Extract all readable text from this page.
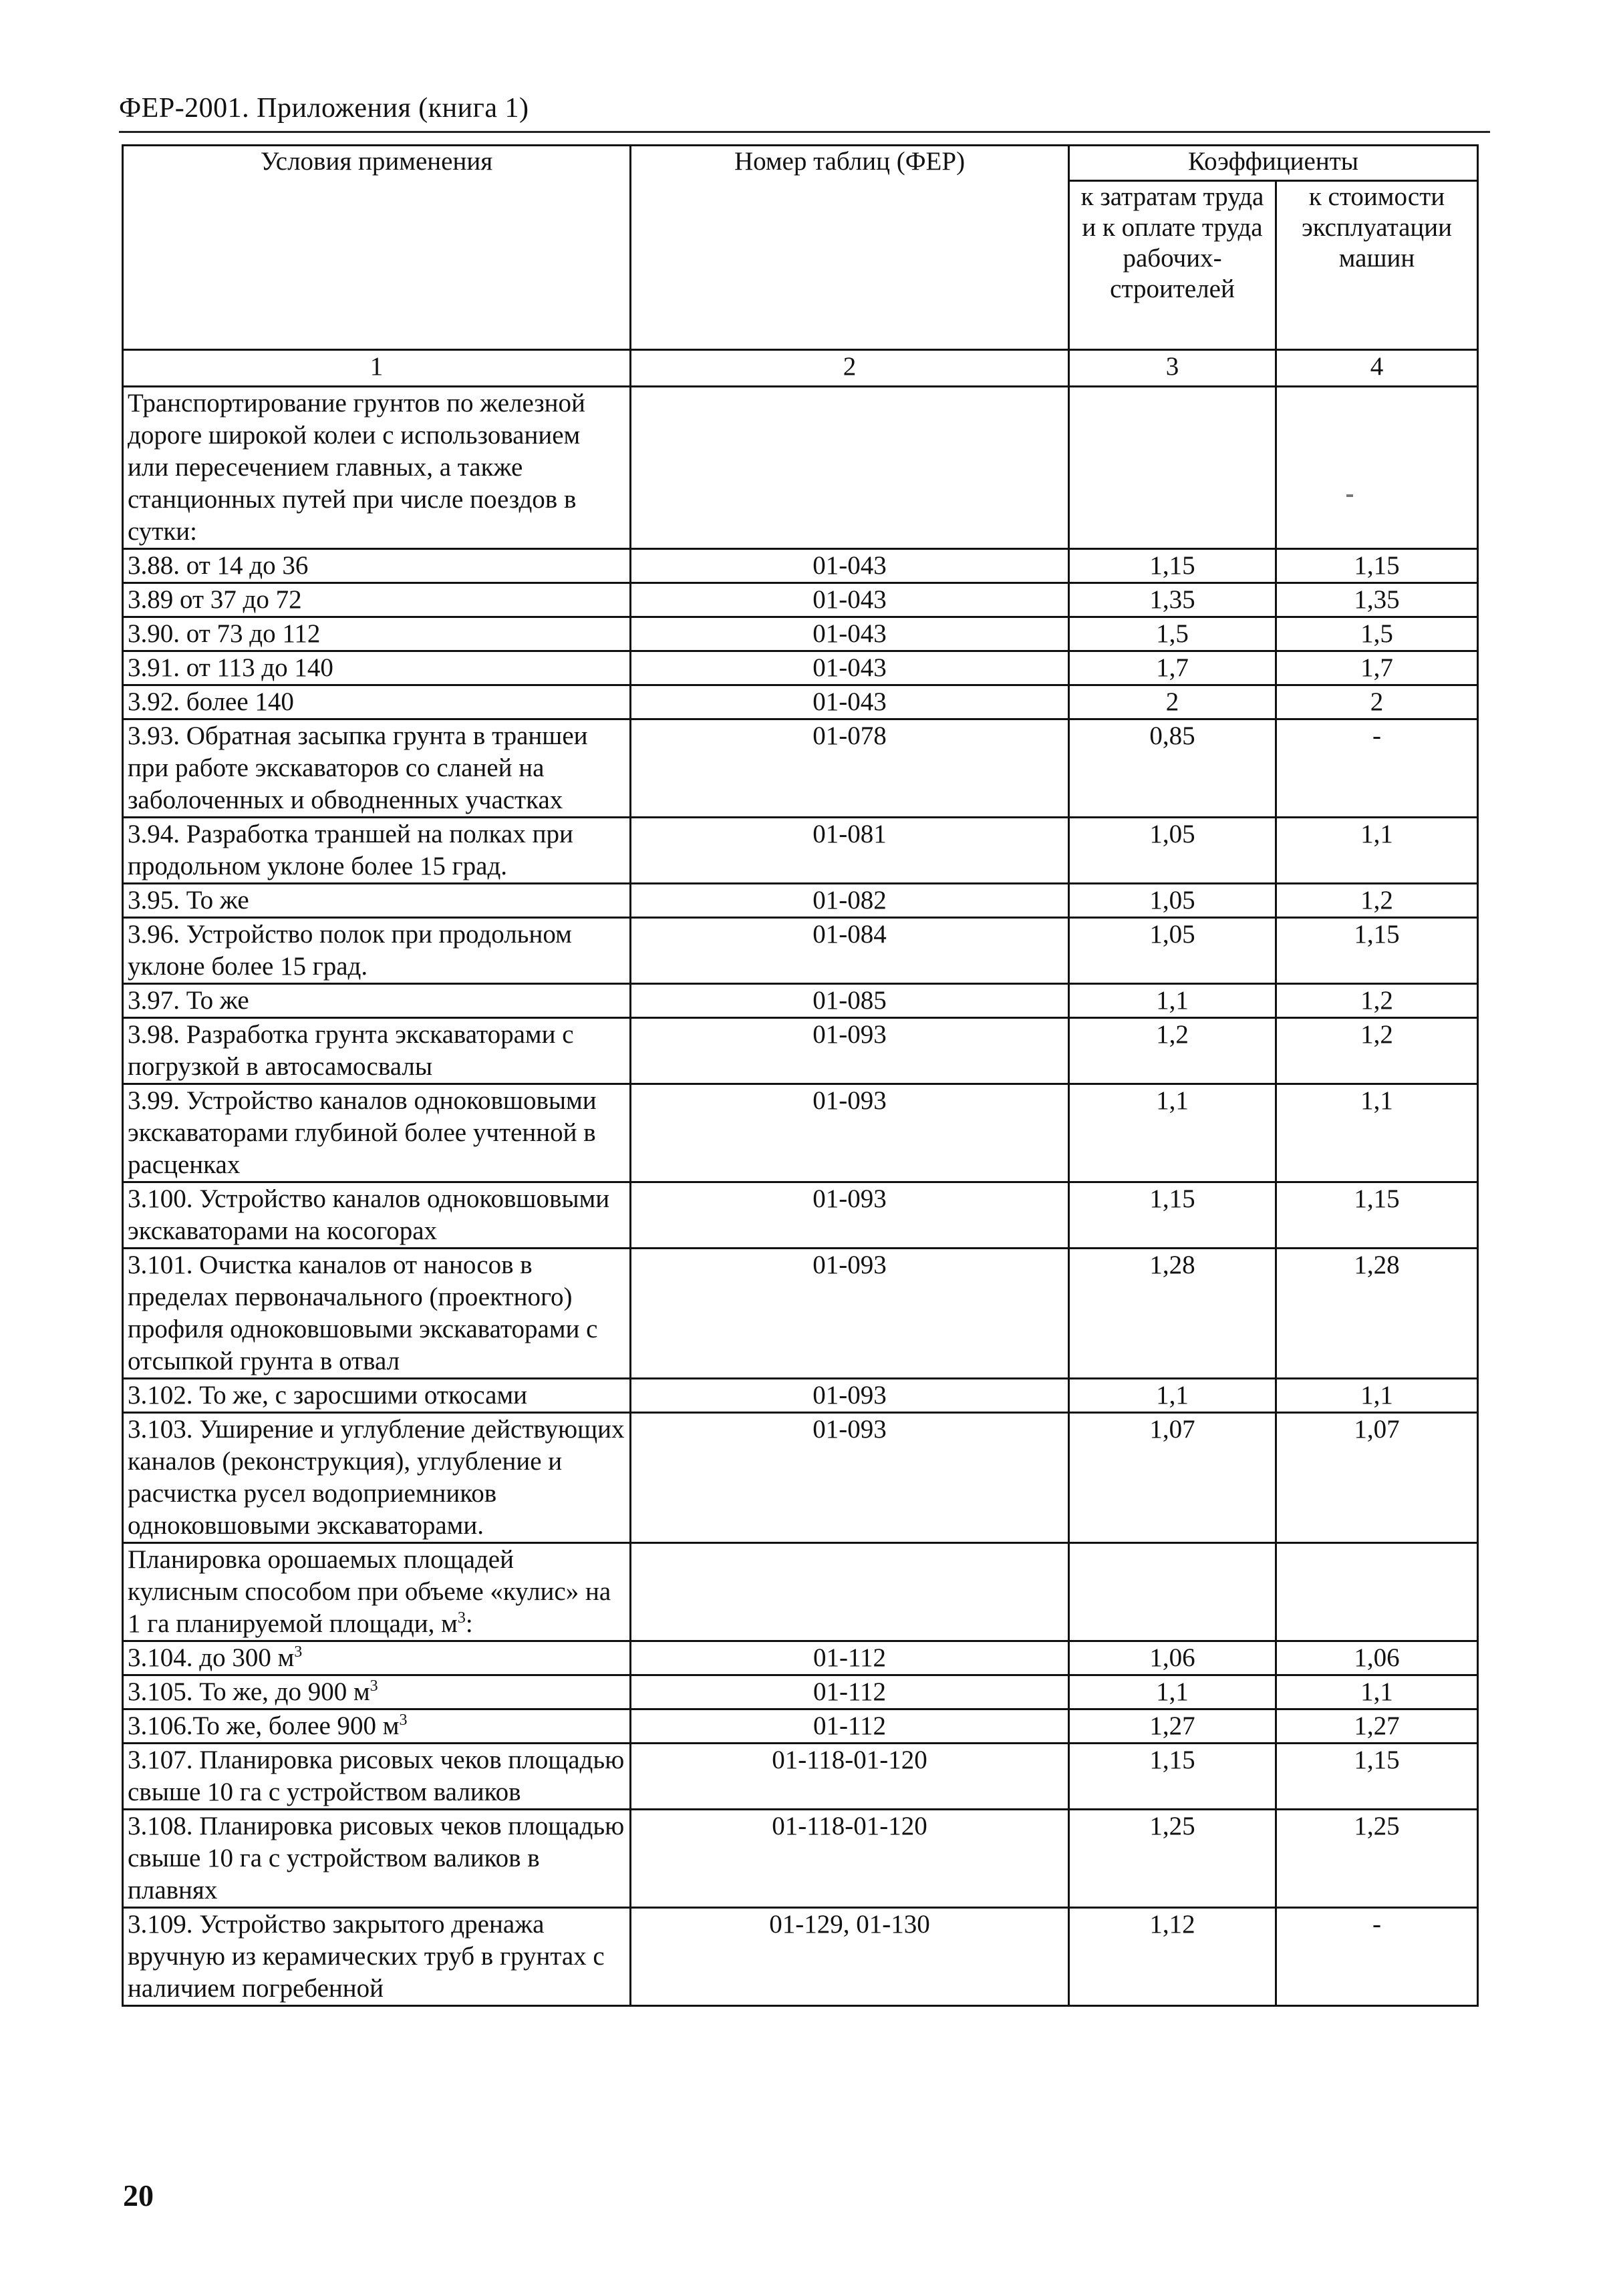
ФЕР-2001. Приложения (книга 1)
Условия применения	Номер таблиц (ФЕР)	Коэффициенты	
		к затратам труда и к оплате труда рабочих-строителей	к стоимости эксплуатации машин
1	2	3	4
Транспортирование грунтов по железной дороге широкой колеи с использованием или пересечением главных, а также станционных путей при числе поездов в сутки:			
3.88. от 14 до 36	01-043	1,15	1,15
3.89 от 37 до 72	01-043	1,35	1,35
3.90. от 73 до 112	01-043	1,5	1,5
3.91. от 113 до 140	01-043	1,7	1,7
3.92. более 140	01-043	2	2
3.93. Обратная засыпка грунта в траншеи при работе экскаваторов со сланей на заболоченных и обводненных участках	01-078	0,85	-
3.94. Разработка траншей на полках при продольном уклоне более 15 град.	01-081	1,05	1,1
3.95. То же	01-082	1,05	1,2
3.96. Устройство полок при продольном уклоне более 15 град.	01-084	1,05	1,15
3.97. То же	01-085	1,1	1,2
3.98. Разработка грунта экскаваторами с погрузкой в автосамосвалы	01-093	1,2	1,2
3.99. Устройство каналов одноковшовыми экскаваторами глубиной более учтенной в расценках	01-093	1,1	1,1
3.100. Устройство каналов одноковшовыми экскаваторами на косогорах	01-093	1,15	1,15
3.101. Очистка каналов от наносов в пределах первоначального (проектного) профиля одноковшовыми экскаваторами с отсыпкой грунта в отвал	01-093	1,28	1,28
3.102. То же, с заросшими откосами	01-093	1,1	1,1
3.103. Уширение и углубление действующих каналов (реконструкция), углубление и расчистка русел водоприемников одноковшовыми экскаваторами.	01-093	1,07	1,07
Планировка орошаемых площадей кулисным способом при объеме «кулис» на 1 га планируемой площади, $м^3$:			
3.104. до 300 $м^3$	01-112	1,06	1,06
3.105. То же, до 900 $м^3$	01-112	1,1	1,1
3.106.То же, более 900 $м^3$	01-112	1,27	1,27
3.107. Планировка рисовых чеков площадью свыше 10 га с устройством валиков	01-118-01-120	1,15	1,15
3.108. Планировка рисовых чеков площадью свыше 10 га с устройством валиков в плавнях	01-118-01-120	1,25	1,25
3.109. Устройство закрытого дренажа вручную из керамических труб в грунтах с наличием погребенной	01-129, 01-130	1,12	-
20
